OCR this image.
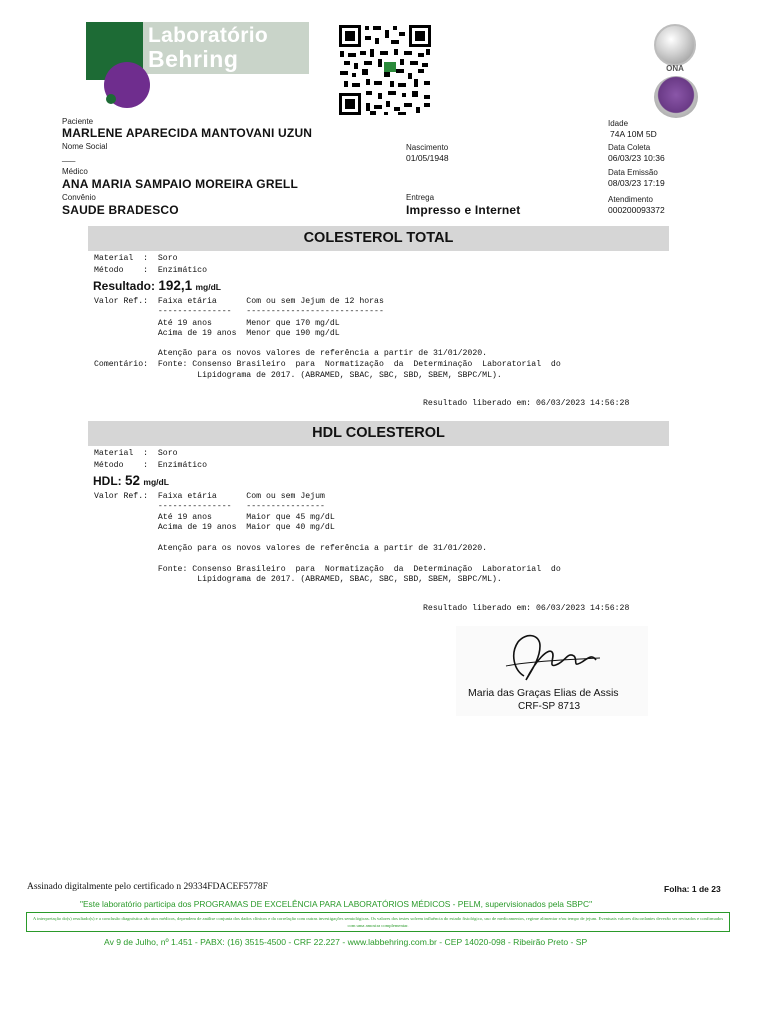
Laboratório
Behring	ONA
Paciente
MARLENE APARECIDA MANTOVANI UZUN
Nome Social
___
Médico
ANA MARIA SAMPAIO MOREIRA GRELL
Convênio
SAUDE BRADESCO
Nascimento
01/05/1948
Entrega
Impresso e Internet
Idade
74A 10M 5D
Data Coleta
06/03/23 10:36
Data Emissão
08/03/23 17:19
Atendimento
000200093372
COLESTEROL TOTAL
Material  :  Soro
Método    :  Enzimático
Resultado: 192,1 mg/dL
Valor Ref.:  Faixa etária      Com ou sem Jejum de 12 horas
---------------   ----------------------------
Até 19 anos       Menor que 170 mg/dL
Acima de 19 anos  Menor que 190 mg/dL
Atenção para os novos valores de referência a partir de 31/01/2020.
Comentário:  Fonte: Consenso Brasileiro  para  Normatização  da  Determinação  Laboratorial  do
Lipidograma de 2017. (ABRAMED, SBAC, SBC, SBD, SBEM, SBPC/ML).
Resultado liberado em: 06/03/2023 14:56:28
HDL COLESTEROL
Material  :  Soro
Método    :  Enzimático
HDL: 52 mg/dL
Valor Ref.:  Faixa etária      Com ou sem Jejum
---------------   ----------------
Até 19 anos       Maior que 45 mg/dL
Acima de 19 anos  Maior que 40 mg/dL
Atenção para os novos valores de referência a partir de 31/01/2020.
Fonte: Consenso Brasileiro  para  Normatização  da  Determinação  Laboratorial  do
Lipidograma de 2017. (ABRAMED, SBAC, SBC, SBD, SBEM, SBPC/ML).
Resultado liberado em: 06/03/2023 14:56:28
Maria das Graças Elias de Assis
CRF-SP 8713
Assinado digitalmente pelo certificado n 29334FDACEF5778F	Folha: 1 de 23
"Este laboratório participa dos PROGRAMAS DE EXCELÊNCIA PARA LABORATÓRIOS MÉDICOS - PELM, supervisionados pela SBPC"
A interpretação do(s) resultado(s) e a conclusão diagnóstica são atos médicos, dependem de análise conjunta dos dados clínicos e da correlação com outras investigações semiológicas. Os valores dos testes sofrem influência do estado fisiológico, uso de medicamentos, regime alimentar e/ou tempo de jejum. Eventuais valores discordantes deverão ser revisados e confirmados com uma amostra complementar.
Av 9 de Julho, nº 1.451 - PABX: (16) 3515-4500 - CRF 22.227 - www.labbehring.com.br - CEP 14020-098 - Ribeirão Preto - SP
